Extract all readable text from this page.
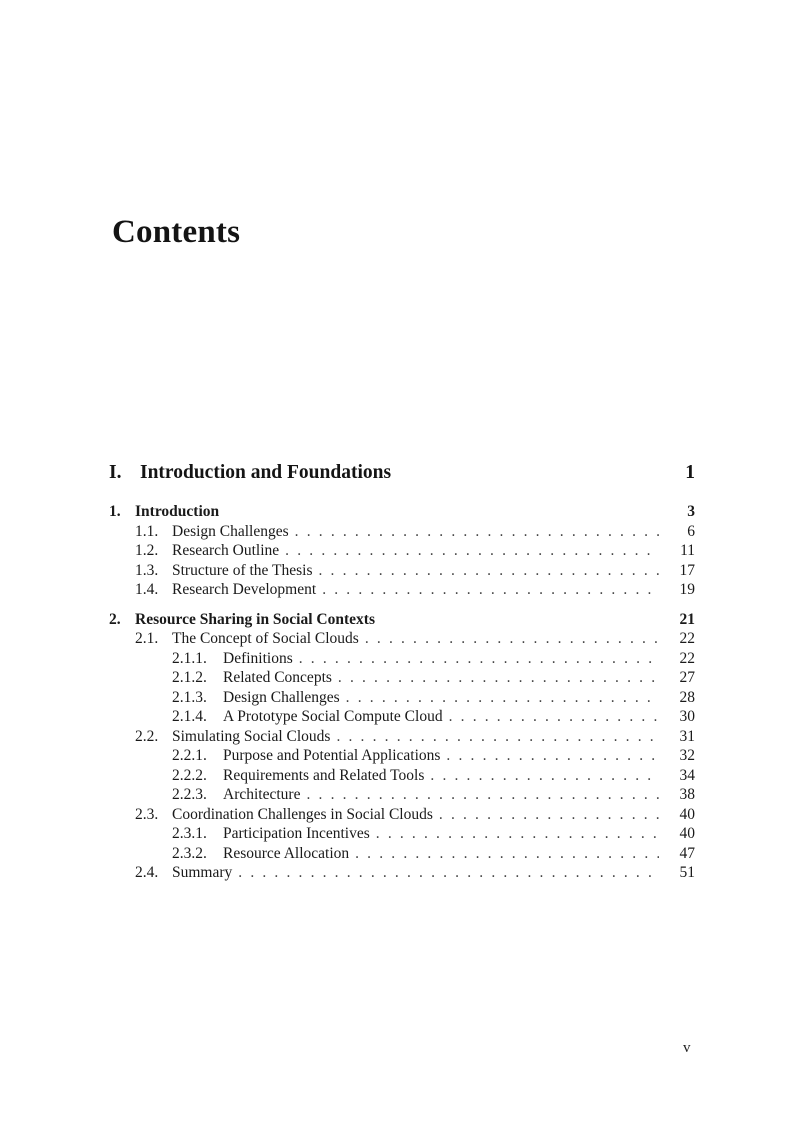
Contents
I. Introduction and Foundations	1
1. Introduction	3
1.1. Design Challenges . . .	6
1.2. Research Outline . . .	11
1.3. Structure of the Thesis . . .	17
1.4. Research Development . . .	19
2. Resource Sharing in Social Contexts	21
2.1. The Concept of Social Clouds . . .	22
2.1.1.	Definitions . . .	22
2.1.2.	Related Concepts . . .	27
2.1.3.	Design Challenges . . .	28
2.1.4.	A Prototype Social Compute Cloud . . .	30
2.2. Simulating Social Clouds . . .	31
2.2.1.	Purpose and Potential Applications . . .	32
2.2.2.	Requirements and Related Tools . . .	34
2.2.3.	Architecture . . .	38
2.3. Coordination Challenges in Social Clouds . . .	40
2.3.1.	Participation Incentives . . .	40
2.3.2.	Resource Allocation . . .	47
2.4. Summary . . .	51
v
